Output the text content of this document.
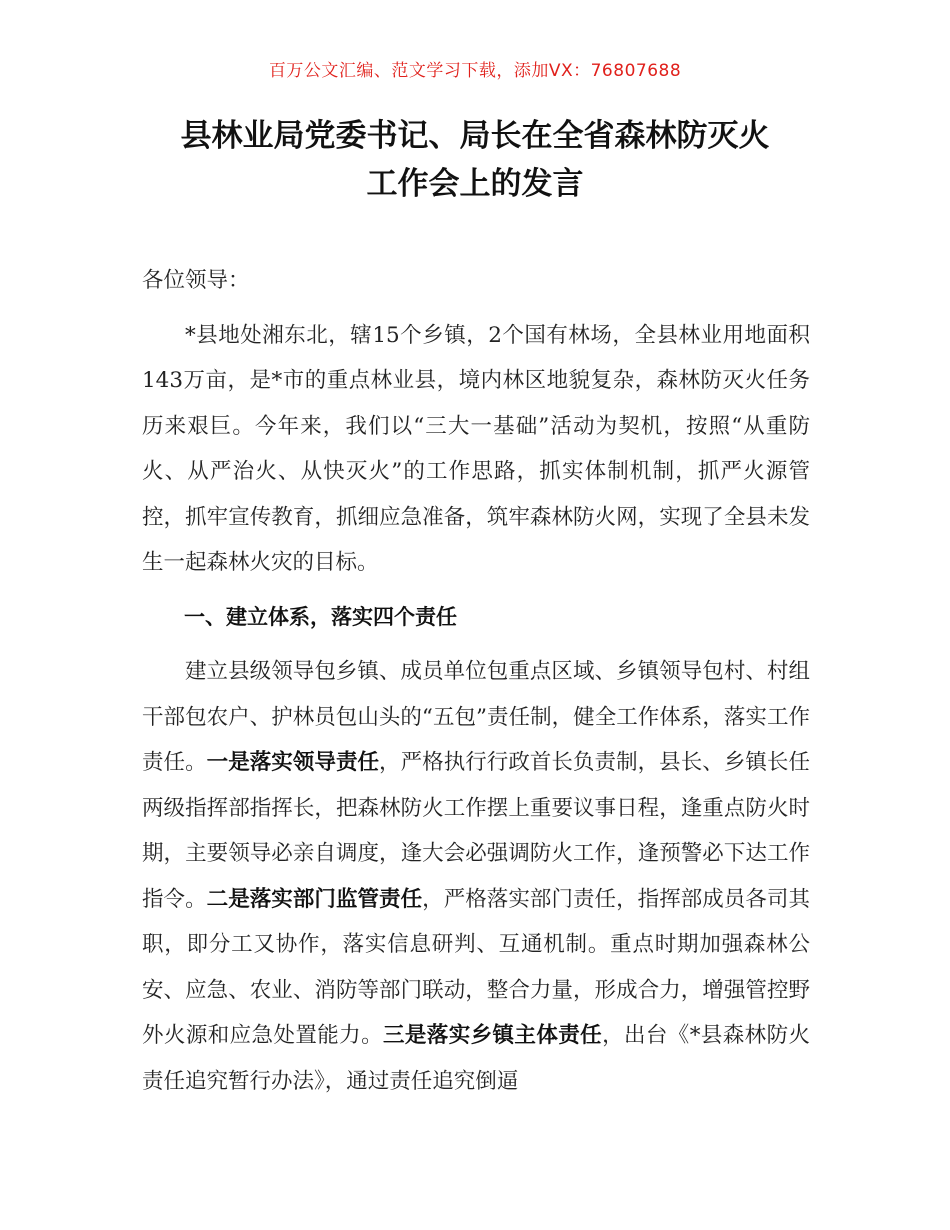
百万公文汇编、范文学习下载，添加VX：76807688
县林业局党委书记、局长在全省森林防灭火
工作会上的发言

各位领导：

*县地处湘东北，辖15个乡镇，2个国有林场，全县林业用地面积143万亩，是*市的重点林业县，境内林区地貌复杂，森林防灭火任务历来艰巨。今年来，我们以“三大一基础”活动为契机，按照“从重防火、从严治火、从快灭火”的工作思路，抓实体制机制，抓严火源管控，抓牢宣传教育，抓细应急准备，筑牢森林防火网，实现了全县未发生一起森林火灾的目标。

一、建立体系，落实四个责任

建立县级领导包乡镇、成员单位包重点区域、乡镇领导包村、村组干部包农户、护林员包山头的“五包”责任制，健全工作体系，落实工作责任。一是落实领导责任，严格执行行政首长负责制，县长、乡镇长任两级指挥部指挥长，把森林防火工作摆上重要议事日程，逢重点防火时期，主要领导必亲自调度，逢大会必强调防火工作，逢预警必下达工作指令。二是落实部门监管责任，严格落实部门责任，指挥部成员各司其职，即分工又协作，落实信息研判、互通机制。重点时期加强森林公安、应急、农业、消防等部门联动，整合力量，形成合力，增强管控野外火源和应急处置能力。三是落实乡镇主体责任，出台《*县森林防火责任追究暂行办法》，通过责任追究倒逼
